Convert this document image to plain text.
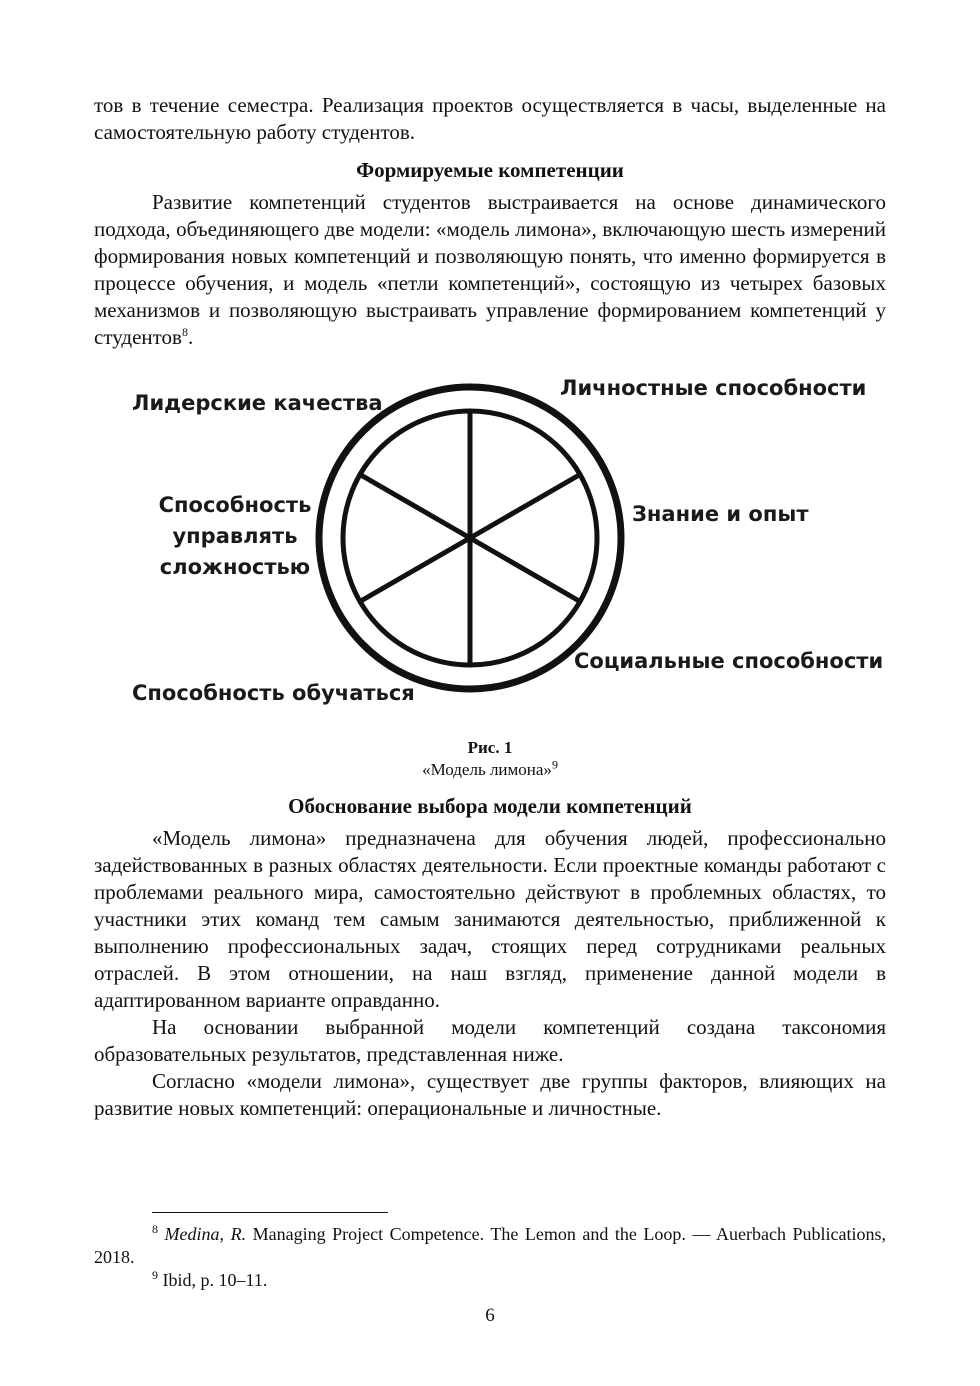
тов в течение семестра. Реализация проектов осуществляется в часы, выделенные на самостоятельную работу студентов.

Формируемые компетенции

Развитие компетенций студентов выстраивается на основе динамического подхода, объединяющего две модели: «модель лимона», включающую шесть измерений формирования новых компетенций и позволяющую понять, что именно формируется в процессе обучения, и модель «петли компетенций», состоящую из четырех базовых механизмов и позволяющую выстраивать управление формированием компетенций у студентов$^8$.

Лидерские качества
Личностные способности
Знание и опыт
Социальные способности
Способность обучаться
Способность
управлять
сложностью
Рис. 1
«Модель лимона»$^9$
Обоснование выбора модели компетенций

«Модель лимона» предназначена для обучения людей, профессионально задействованных в разных областях деятельности. Если проектные команды работают с проблемами реального мира, самостоятельно действуют в проблемных областях, то участники этих команд тем самым занимаются деятельностью, приближенной к выполнению профессиональных задач, стоящих перед сотрудниками реальных отраслей. В этом отношении, на наш взгляд, применение данной модели в адаптированном варианте оправданно.

На основании выбранной модели компетенций создана таксономия образовательных результатов, представленная ниже.

Согласно «модели лимона», существует две группы факторов, влияющих на развитие новых компетенций: операциональные и личностные.

$^8$ Medina, R. Managing Project Competence. The Lemon and the Loop. — Auerbach Publications, 2018.

$^9$ Ibid, p. 10–11.

6
